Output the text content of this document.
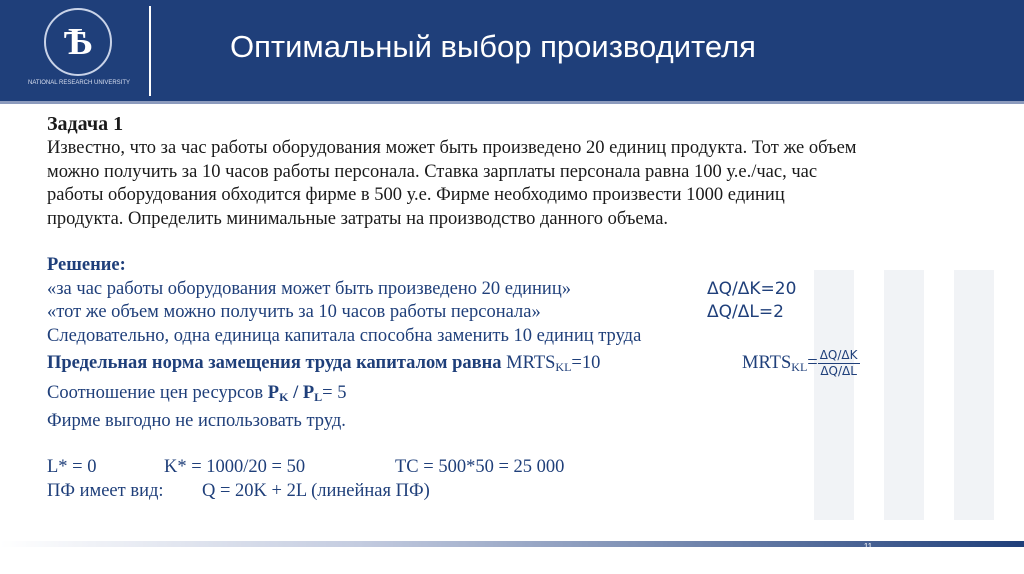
Ѣ
NATIONAL RESEARCH UNIVERSITY
Оптимальный выбор производителя

Задача 1

Известно, что за час работы оборудования может быть произведено 20 единиц продукта. Тот же объем

можно получить за 10 часов работы персонала. Ставка зарплаты персонала равна 100 у.е./час, час

работы оборудования обходится фирме в 500 у.е. Фирме необходимо произвести 1000 единиц

продукта. Определить минимальные затраты на производство данного объема.

Решение:

«за час работы оборудования может быть произведено 20 единиц»	ΔQ/ΔK=20
«тот же объем можно получить за 10 часов работы персонала»	ΔQ/ΔL=2

Следовательно, одна единица капитала способна заменить 10 единиц труда

Предельная норма замещения труда капиталом равна $MRTS_{KL}=10$	$MRTS_{KL}= \frac{\Delta Q/\Delta K}{\Delta Q/\Delta L}$

Соотношение цен ресурсов $P_K / P_L= 5$

Фирме выгодно не использовать труд.

L* = 0	K* = 1000/20 = 50	TC = 500*50 = 25 000
ПФ имеет вид: Q = 20K + 2L (линейная ПФ)
11
